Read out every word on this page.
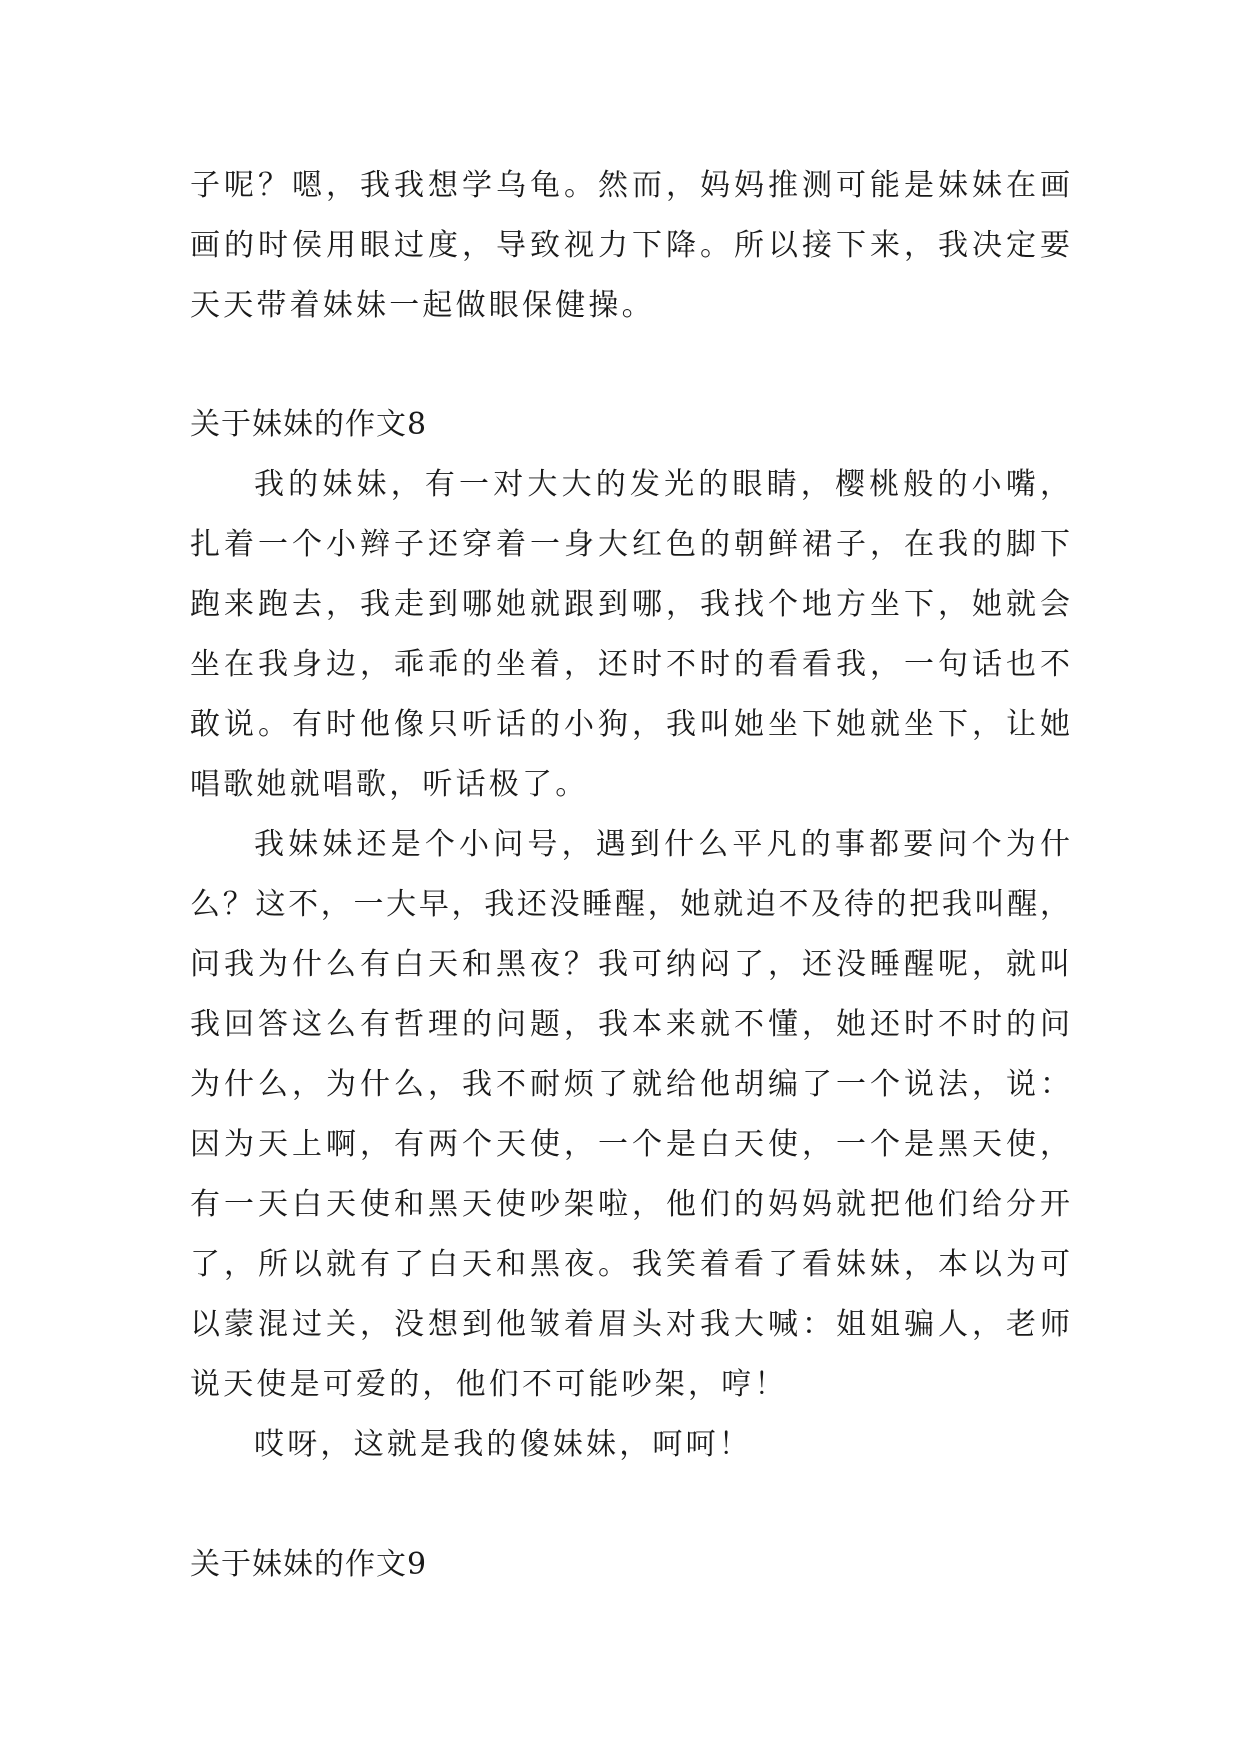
子呢？嗯，我我想学乌龟。然而，妈妈推测可能是妹妹在画
画的时侯用眼过度，导致视力下降。所以接下来，我决定要
天天带着妹妹一起做眼保健操。
关于妹妹的作文8
我的妹妹，有一对大大的发光的眼睛，樱桃般的小嘴，
扎着一个小辫子还穿着一身大红色的朝鲜裙子，在我的脚下
跑来跑去，我走到哪她就跟到哪，我找个地方坐下，她就会
坐在我身边，乖乖的坐着，还时不时的看看我，一句话也不
敢说。有时他像只听话的小狗，我叫她坐下她就坐下，让她
唱歌她就唱歌，听话极了。
我妹妹还是个小问号，遇到什么平凡的事都要问个为什
么？这不，一大早，我还没睡醒，她就迫不及待的把我叫醒，
问我为什么有白天和黑夜？我可纳闷了，还没睡醒呢，就叫
我回答这么有哲理的问题，我本来就不懂，她还时不时的问
为什么，为什么，我不耐烦了就给他胡编了一个说法，说：
因为天上啊，有两个天使，一个是白天使，一个是黑天使，
有一天白天使和黑天使吵架啦，他们的妈妈就把他们给分开
了，所以就有了白天和黑夜。我笑着看了看妹妹，本以为可
以蒙混过关，没想到他皱着眉头对我大喊：姐姐骗人，老师
说天使是可爱的，他们不可能吵架，哼！
哎呀，这就是我的傻妹妹，呵呵！
关于妹妹的作文9
